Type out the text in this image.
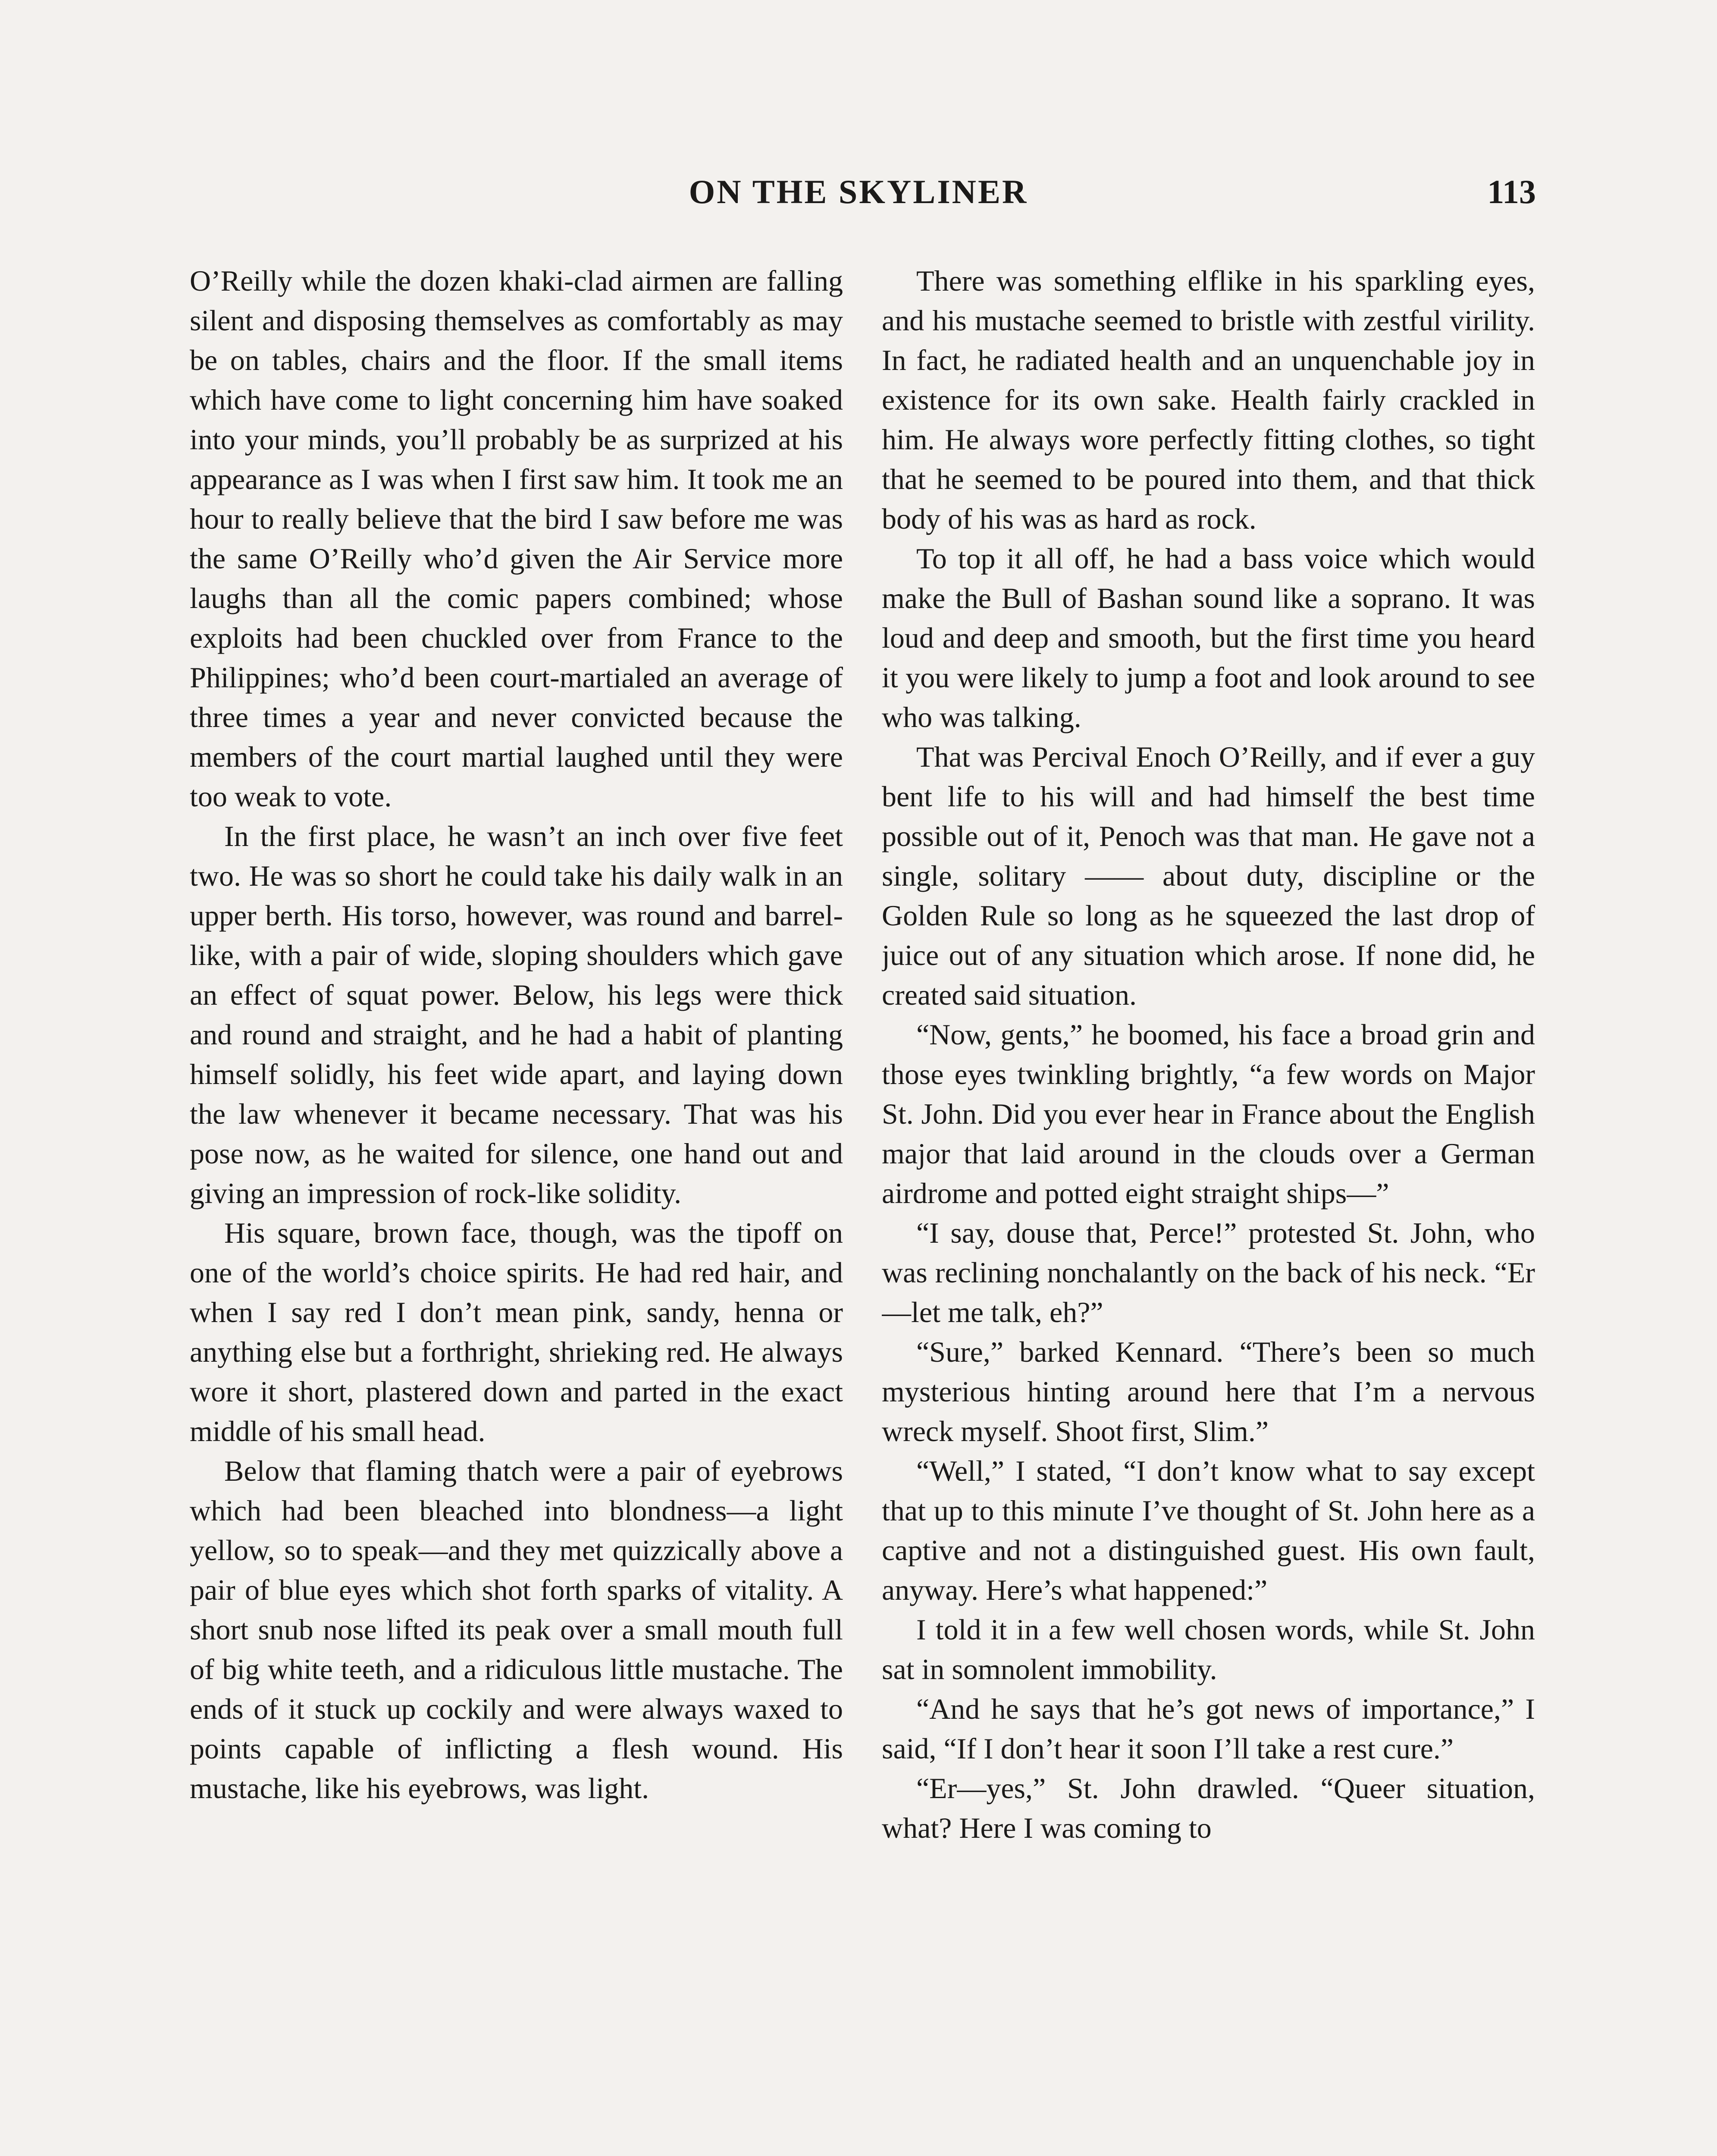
ON THE SKYLINER	113

O’Reilly while the dozen khaki-clad airmen are falling silent and disposing themselves as comfortably as may be on tables, chairs and the floor. If the small items which have come to light concerning him have soaked into your minds, you’ll probably be as surprized at his appearance as I was when I first saw him. It took me an hour to really believe that the bird I saw before me was the same O’Reilly who’d given the Air Service more laughs than all the comic papers combined; whose exploits had been chuckled over from France to the Philippines; who’d been court-martialed an average of three times a year and never convicted because the members of the court martial laughed until they were too weak to vote.

In the first place, he wasn’t an inch over five feet two. He was so short he could take his daily walk in an upper berth. His torso, however, was round and barrel-like, with a pair of wide, sloping shoulders which gave an effect of squat power. Below, his legs were thick and round and straight, and he had a habit of planting himself solidly, his feet wide apart, and laying down the law whenever it became necessary. That was his pose now, as he waited for silence, one hand out and giving an impression of rock-like solidity.

His square, brown face, though, was the tipoff on one of the world’s choice spirits. He had red hair, and when I say red I don’t mean pink, sandy, henna or anything else but a forthright, shrieking red. He always wore it short, plastered down and parted in the exact middle of his small head.

Below that flaming thatch were a pair of eyebrows which had been bleached into blondness—a light yellow, so to speak—and they met quizzically above a pair of blue eyes which shot forth sparks of vitality. A short snub nose lifted its peak over a small mouth full of big white teeth, and a ridiculous little mustache. The ends of it stuck up cockily and were always waxed to points capable of inflicting a flesh wound. His mustache, like his eyebrows, was light.

There was something elflike in his sparkling eyes, and his mustache seemed to bristle with zestful virility. In fact, he radiated health and an unquenchable joy in existence for its own sake. Health fairly crackled in him. He always wore perfectly fitting clothes, so tight that he seemed to be poured into them, and that thick body of his was as hard as rock.

To top it all off, he had a bass voice which would make the Bull of Bashan sound like a soprano. It was loud and deep and smooth, but the first time you heard it you were likely to jump a foot and look around to see who was talking.

That was Percival Enoch O’Reilly, and if ever a guy bent life to his will and had himself the best time possible out of it, Penoch was that man. He gave not a single, solitary —— about duty, discipline or the Golden Rule so long as he squeezed the last drop of juice out of any situation which arose. If none did, he created said situation.

“Now, gents,” he boomed, his face a broad grin and those eyes twinkling brightly, “a few words on Major St. John. Did you ever hear in France about the English major that laid around in the clouds over a German airdrome and potted eight straight ships—”

“I say, douse that, Perce!” protested St. John, who was reclining nonchalantly on the back of his neck. “Er—let me talk, eh?”

“Sure,” barked Kennard. “There’s been so much mysterious hinting around here that I’m a nervous wreck myself. Shoot first, Slim.”

“Well,” I stated, “I don’t know what to say except that up to this minute I’ve thought of St. John here as a captive and not a distinguished guest. His own fault, anyway. Here’s what happened:”

I told it in a few well chosen words, while St. John sat in somnolent immobility.

“And he says that he’s got news of importance,” I said, “If I don’t hear it soon I’ll take a rest cure.”

“Er—yes,” St. John drawled. “Queer situation, what? Here I was coming to
